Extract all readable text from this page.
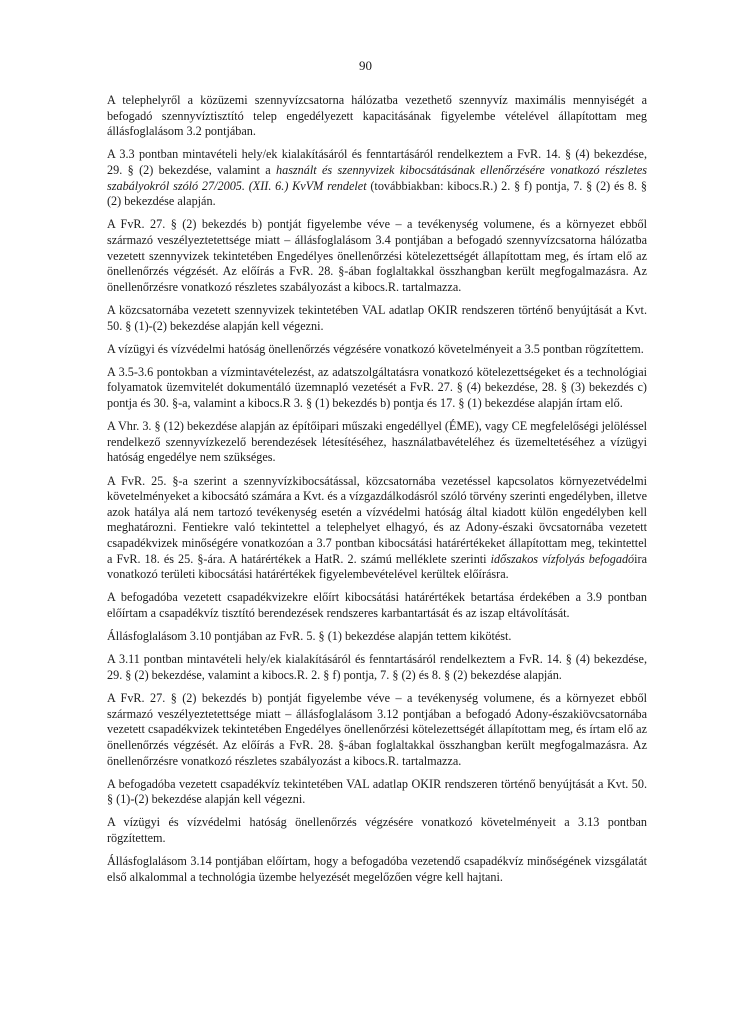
90

A telephelyről a közüzemi szennyvízcsatorna hálózatba vezethető szennyvíz maximális mennyiségét a befogadó szennyvíztisztító telep engedélyezett kapacitásának figyelembe vételével állapítottam meg állásfoglalásom 3.2 pontjában.

A 3.3 pontban mintavételi hely/ek kialakításáról és fenntartásáról rendelkeztem a FvR. 14. § (4) bekezdése, 29. § (2) bekezdése, valamint a használt és szennyvizek kibocsátásának ellenőrzésére vonatkozó részletes szabályokról szóló 27/2005. (XII. 6.) KvVM rendelet (továbbiakban: kibocs.R.) 2. § f) pontja, 7. § (2) és 8. § (2) bekezdése alapján.

A FvR. 27. § (2) bekezdés b) pontját figyelembe véve – a tevékenység volumene, és a környezet ebből származó veszélyeztetettsége miatt – állásfoglalásom 3.4 pontjában a befogadó szennyvízcsatorna hálózatba vezetett szennyvizek tekintetében Engedélyes önellenőrzési kötelezettségét állapítottam meg, és írtam elő az önellenőrzés végzését. Az előírás a FvR. 28. §-ában foglaltakkal összhangban került megfogalmazásra. Az önellenőrzésre vonatkozó részletes szabályozást a kibocs.R. tartalmazza.

A közcsatornába vezetett szennyvizek tekintetében VAL adatlap OKIR rendszeren történő benyújtását a Kvt. 50. § (1)-(2) bekezdése alapján kell végezni.

A vízügyi és vízvédelmi hatóság önellenőrzés végzésére vonatkozó követelményeit a 3.5 pontban rögzítettem.

A 3.5-3.6 pontokban a vízmintavételezést, az adatszolgáltatásra vonatkozó kötelezettségeket és a technológiai folyamatok üzemvitelét dokumentáló üzemnapló vezetését a FvR. 27. § (4) bekezdése, 28. § (3) bekezdés c) pontja és 30. §-a, valamint a kibocs.R 3. § (1) bekezdés b) pontja és 17. § (1) bekezdése alapján írtam elő.

A Vhr. 3. § (12) bekezdése alapján az építőipari műszaki engedéllyel (ÉME), vagy CE megfelelőségi jelöléssel rendelkező szennyvízkezelő berendezések létesítéséhez, használatbavételéhez és üzemeltetéséhez a vízügyi hatóság engedélye nem szükséges.

A FvR. 25. §-a szerint a szennyvízkibocsátással, közcsatornába vezetéssel kapcsolatos környezetvédelmi követelményeket a kibocsátó számára a Kvt. és a vízgazdálkodásról szóló törvény szerinti engedélyben, illetve azok hatálya alá nem tartozó tevékenység esetén a vízvédelmi hatóság által kiadott külön engedélyben kell meghatározni. Fentiekre való tekintettel a telephelyet elhagyó, és az Adony-északi övcsatornába vezetett csapadékvizek minőségére vonatkozóan a 3.7 pontban kibocsátási határértékeket állapítottam meg, tekintettel a FvR. 18. és 25. §-ára. A határértékek a HatR. 2. számú melléklete szerinti időszakos vízfolyás befogadóira vonatkozó területi kibocsátási határértékek figyelembevételével kerültek előírásra.

A befogadóba vezetett csapadékvizekre előírt kibocsátási határértékek betartása érdekében a 3.9 pontban előírtam a csapadékvíz tisztító berendezések rendszeres karbantartását és az iszap eltávolítását.

Állásfoglalásom 3.10 pontjában az FvR. 5. § (1) bekezdése alapján tettem kikötést.

A 3.11 pontban mintavételi hely/ek kialakításáról és fenntartásáról rendelkeztem a FvR. 14. § (4) bekezdése, 29. § (2) bekezdése, valamint a kibocs.R. 2. § f) pontja, 7. § (2) és 8. § (2) bekezdése alapján.

A FvR. 27. § (2) bekezdés b) pontját figyelembe véve – a tevékenység volumene, és a környezet ebből származó veszélyeztetettsége miatt – állásfoglalásom 3.12 pontjában a befogadó Adony-északiövcsatornába vezetett csapadékvizek tekintetében Engedélyes önellenőrzési kötelezettségét állapítottam meg, és írtam elő az önellenőrzés végzését. Az előírás a FvR. 28. §-ában foglaltakkal összhangban került megfogalmazásra. Az önellenőrzésre vonatkozó részletes szabályozást a kibocs.R. tartalmazza.

A befogadóba vezetett csapadékvíz tekintetében VAL adatlap OKIR rendszeren történő benyújtását a Kvt. 50. § (1)-(2) bekezdése alapján kell végezni.

A vízügyi és vízvédelmi hatóság önellenőrzés végzésére vonatkozó követelményeit a 3.13 pontban rögzítettem.

Állásfoglalásom 3.14 pontjában előírtam, hogy a befogadóba vezetendő csapadékvíz minőségének vizsgálatát első alkalommal a technológia üzembe helyezését megelőzően végre kell hajtani.
